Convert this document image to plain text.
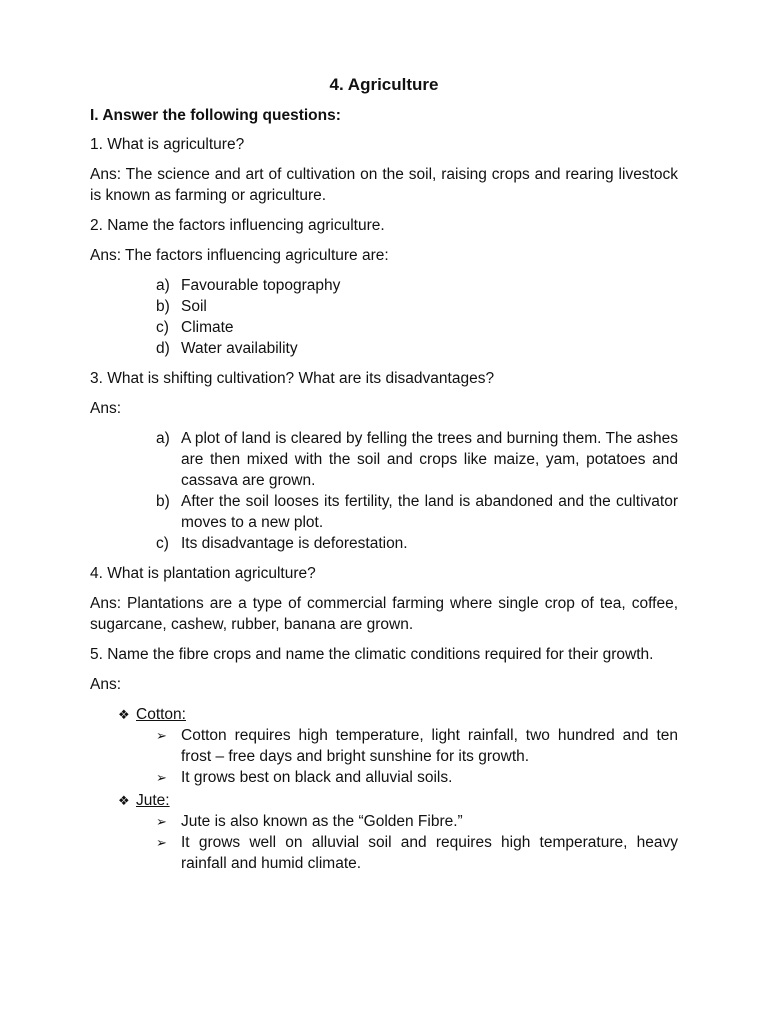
4. Agriculture
I. Answer the following questions:

1. What is agriculture?

Ans: The science and art of cultivation on the soil, raising crops and rearing livestock is known as farming or agriculture.

2. Name the factors influencing agriculture.

Ans: The factors influencing agriculture are:

a) Favourable topography
b) Soil
c) Climate
d) Water availability

3. What is shifting cultivation? What are its disadvantages?

Ans:

a) A plot of land is cleared by felling the trees and burning them. The ashes are then mixed with the soil and crops like maize, yam, potatoes and cassava are grown.
b) After the soil looses its fertility, the land is abandoned and the cultivator moves to a new plot.
c) Its disadvantage is deforestation.

4. What is plantation agriculture?

Ans: Plantations are a type of commercial farming where single crop of tea, coffee, sugarcane, cashew, rubber, banana are grown.

5. Name the fibre crops and name the climatic conditions required for their growth.

Ans:

❖ Cotton:
➢ Cotton requires high temperature, light rainfall, two hundred and ten frost – free days and bright sunshine for its growth.
➢ It grows best on black and alluvial soils.
❖ Jute:
➢ Jute is also known as the “Golden Fibre.”
➢ It grows well on alluvial soil and requires high temperature, heavy rainfall and humid climate.
